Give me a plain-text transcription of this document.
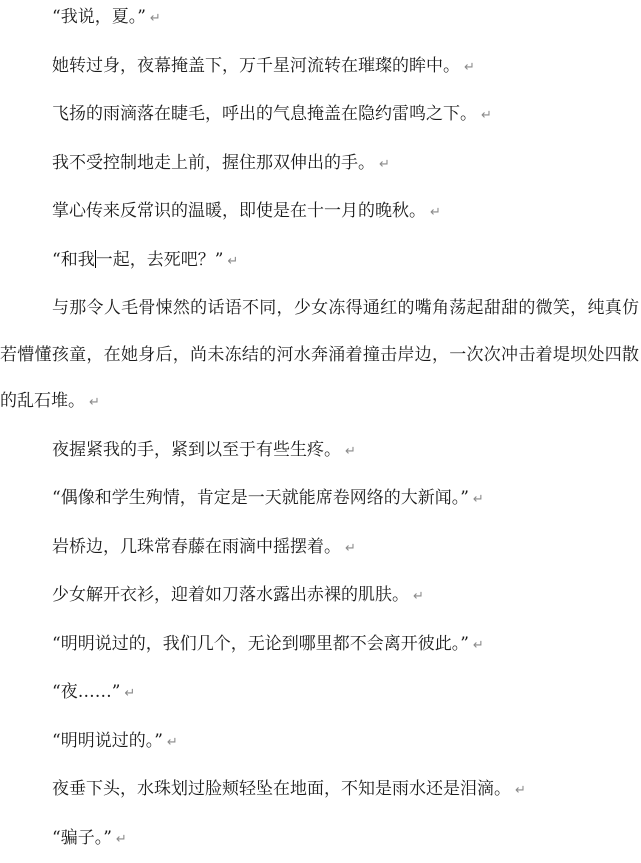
“我说，夏。” ↵

她转过身，夜幕掩盖下，万千星河流转在璀璨的眸中。 ↵

飞扬的雨滴落在睫毛，呼出的气息掩盖在隐约雷鸣之下。 ↵

我不受控制地走上前，握住那双伸出的手。 ↵

掌心传来反常识的温暖，即使是在十一月的晚秋。 ↵

“和我一起，去死吧？” ↵

与那令人毛骨悚然的话语不同，少女冻得通红的嘴角荡起甜甜的微笑，纯真仿若懵懂孩童，在她身后，尚未冻结的河水奔涌着撞击岸边，一次次冲击着堤坝处四散的乱石堆。 ↵

夜握紧我的手，紧到以至于有些生疼。 ↵

“偶像和学生殉情，肯定是一天就能席卷网络的大新闻。” ↵

岩桥边，几珠常春藤在雨滴中摇摆着。 ↵

少女解开衣衫，迎着如刀落水露出赤裸的肌肤。 ↵

“明明说过的，我们几个，无论到哪里都不会离开彼此。” ↵

“夜……” ↵

“明明说过的。” ↵

夜垂下头，水珠划过脸颊轻坠在地面，不知是雨水还是泪滴。 ↵

“骗子。” ↵
